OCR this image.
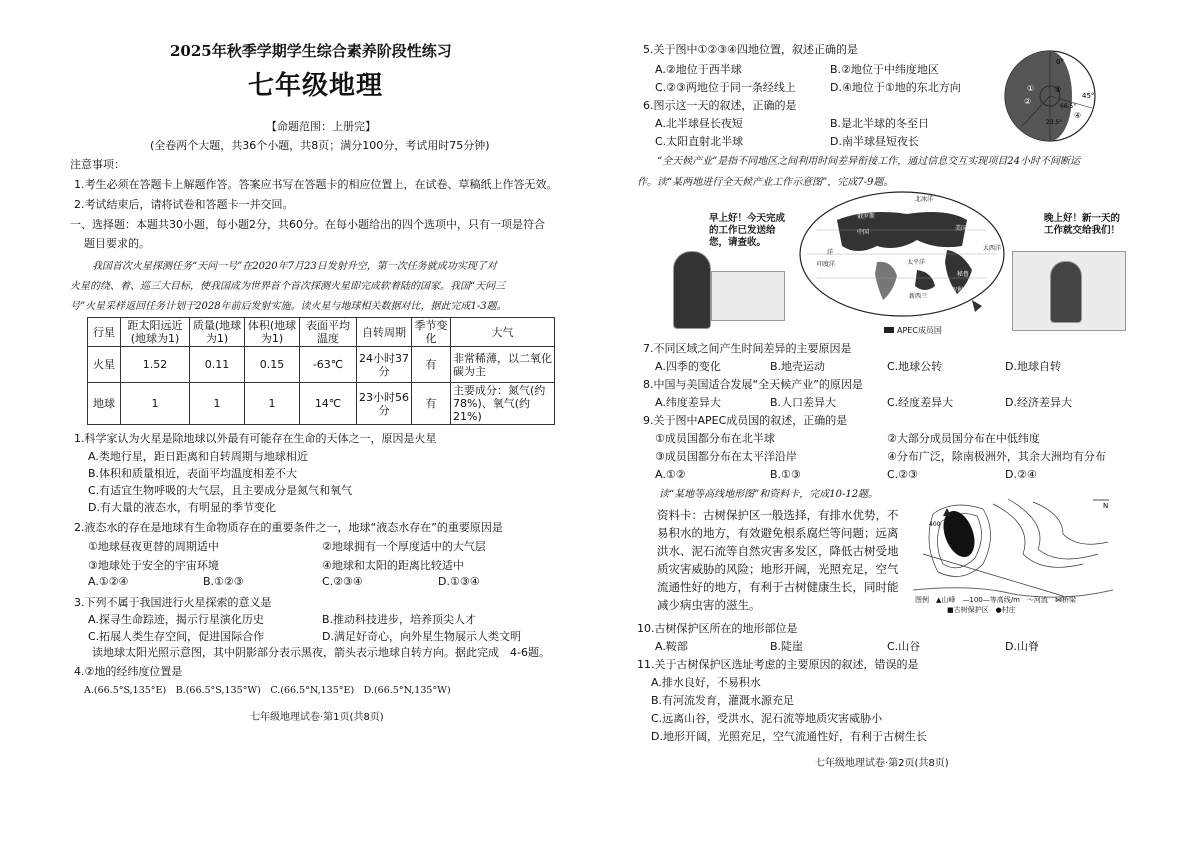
2025年秋季学期学生综合素养阶段性练习
七年级地理
【命题范围：上册完】
(全卷两个大题，共36个小题，共8页；满分100分，考试用时75分钟)
注意事项：
1.考生必须在答题卡上解题作答。答案应书写在答题卡的相应位置上，在试卷、草稿纸上作答无效。
2.考试结束后，请将试卷和答题卡一并交回。
一、选择题：本题共30小题，每小题2分，共60分。在每小题给出的四个选项中，只有一项是符合
题目要求的。
我国首次火星探测任务“天问一号”在2020年7月23日发射升空，第一次任务就成功实现了对
火星的绕、着、巡三大目标，使我国成为世界首个首次探测火星即完成软着陆的国家。我国“天问三
号”火星采样返回任务计划于2028年前后发射实施。读火星与地球相关数据对比，据此完成1-3题。
行星	距太阳远近(地球为1)	质量(地球为1)	体积(地球为1)	表面平均温度	自转周期	季节变化	大气
火星	1.52	0.11	0.15	-63℃	24小时37分	有	非常稀薄，以二氧化碳为主
地球	1	1	1	14℃	23小时56分	有	主要成分：氮气(约78%)、氧气(约21%)
1.科学家认为火星是除地球以外最有可能存在生命的天体之一，原因是火星
A.类地行星，距日距离和自转周期与地球相近
B.体积和质量相近，表面平均温度相差不大
C.有适宜生物呼吸的大气层，且主要成分是氮气和氧气
D.有大量的液态水，有明显的季节变化
2.液态水的存在是地球有生命物质存在的重要条件之一，地球“液态水存在”的重要原因是
①地球昼夜更替的周期适中	②地球拥有一个厚度适中的大气层
③地球处于安全的宇宙环境	④地球和太阳的距离比较适中
A.①②④	B.①②③	C.②③④	D.①③④
3.下列不属于我国进行火星探索的意义是
A.探寻生命踪迹，揭示行星演化历史	B.推动科技进步，培养顶尖人才
C.拓展人类生存空间，促进国际合作	D.满足好奇心，向外星生物展示人类文明
读地球太阳光照示意图，其中阴影部分表示黑夜，箭头表示地球自转方向。据此完成　4-6题。
4.②地的经纬度位置是
A.(66.5°S,135°E)　B.(66.5°S,135°W)　C.(66.5°N,135°E)　D.(66.5°N,135°W)
七年级地理试卷·第1页(共8页)
5.关于图中①②③④四地位置，叙述正确的是
A.②地位于西半球	B.②地位于中纬度地区
C.②③两地位于同一条经线上	D.④地位于①地的东北方向
6.图示这一天的叙述，正确的是
A.北半球昼长夜短	B.是北半球的冬至日
C.太阳直射北半球	D.南半球昼短夜长
0°
①
②
③
④
45°
66.5°
23.5°
“全天候产业”是指不同地区之间利用时间差异衔接工作，通过信息交互实现项目24小时不间断运
作。读“某两地进行全天候产业工作示意图”，完成7-9题。
早上好！今天完成的工作已发送给您，请查收。
北冰洋
俄罗斯
中国
美国
太平洋
大西洋
印度洋
新西兰
秘鲁
智利
洋
APEC成员国
晚上好！新一天的工作就交给我们！
7.不同区域之间产生时间差异的主要原因是
A.四季的变化	B.地壳运动	C.地球公转	D.地球自转
8.中国与美国适合发展“全天候产业”的原因是
A.纬度差异大	B.人口差异大	C.经度差异大	D.经济差异大
9.关于图中APEC成员国的叙述，正确的是
①成员国都分布在北半球	②大部分成员国分布在中低纬度
③成员国都分布在太平洋沿岸	④分布广泛，除南极洲外，其余大洲均有分布
A.①②	B.①③	C.②③	D.②④
读“某地等高线地形图”和资料卡，完成10-12题。
资料卡：古树保护区一般选择，有排水优势，不
易积水的地方，有效避免根系腐烂等问题；远离
洪水、泥石流等自然灾害多发区，降低古树受地
质灾害威胁的风险；地形开阔，光照充足，空气
流通性好的地方，有利于古树健康生长，同时能
减少病虫害的滋生。
400
N
图例　▲山峰　—100—等高线/m　～河流　⋈桥梁
■古树保护区　●村庄
10.古树保护区所在的地形部位是
A.鞍部	B.陡崖	C.山谷	D.山脊
11.关于古树保护区选址考虑的主要原因的叙述，错误的是
A.排水良好，不易积水
B.有河流发育，灌溉水源充足
C.远离山谷，受洪水、泥石流等地质灾害威胁小
D.地形开阔，光照充足，空气流通性好，有利于古树生长
七年级地理试卷·第2页(共8页)
